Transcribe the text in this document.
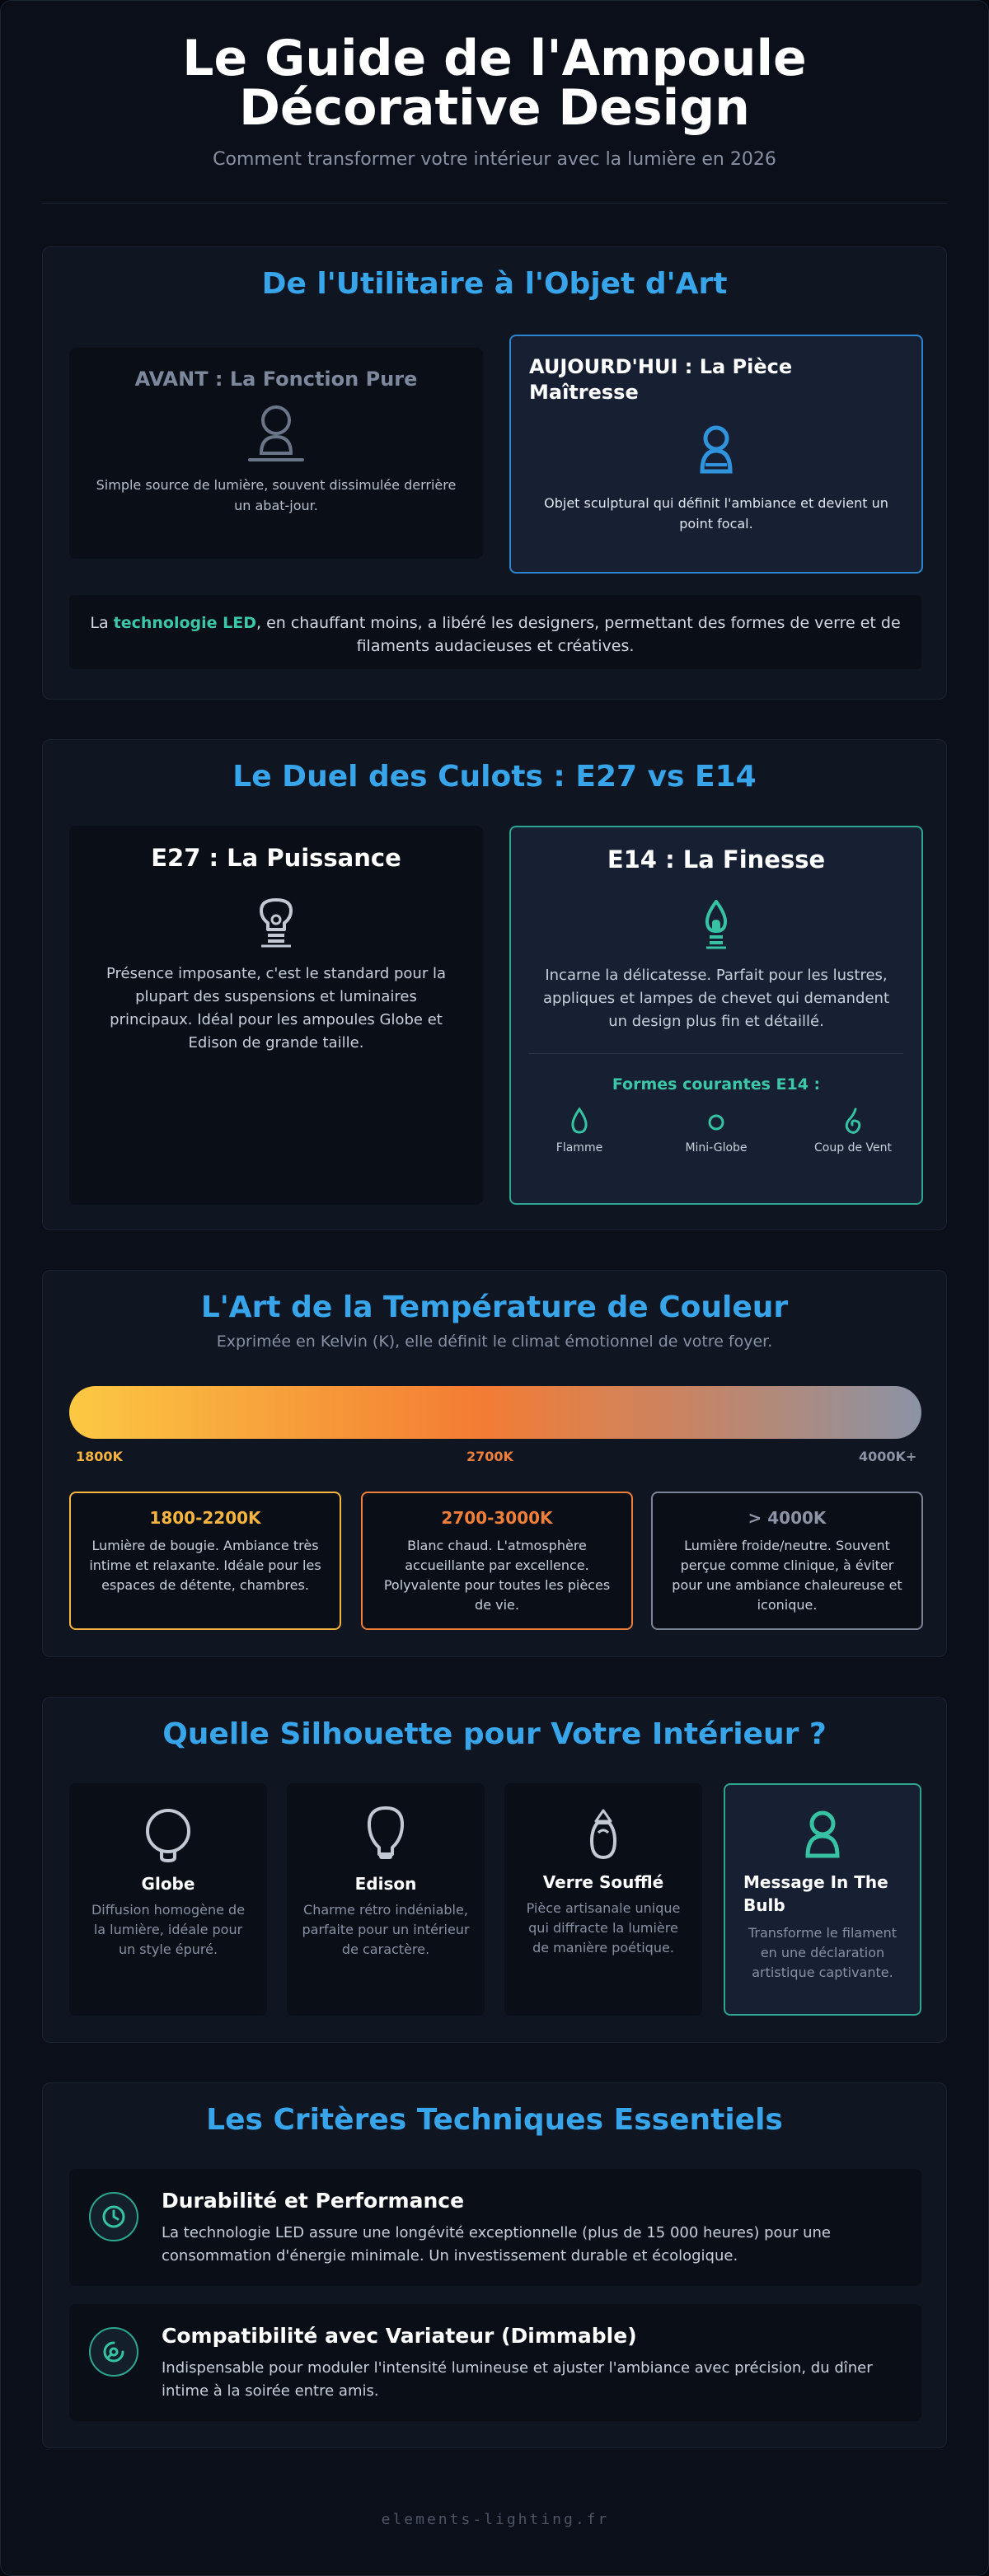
Le Guide de l'Ampoule Décorative Design
Comment transformer votre intérieur avec la lumière en 2026
De l'Utilitaire à l'Objet d'Art
AVANT : La Fonction Pure
Simple source de lumière, souvent dissimulée derrière un abat-jour.
AUJOURD'HUI : La Pièce Maîtresse
Objet sculptural qui définit l'ambiance et devient un point focal.
La technologie LED, en chauffant moins, a libéré les designers, permettant des formes de verre et de filaments audacieuses et créatives.
Le Duel des Culots : E27 vs E14
E27 : La Puissance
Présence imposante, c'est le standard pour la plupart des suspensions et luminaires principaux. Idéal pour les ampoules Globe et Edison de grande taille.
E14 : La Finesse
Incarne la délicatesse. Parfait pour les lustres, appliques et lampes de chevet qui demandent un design plus fin et détaillé.
Formes courantes E14 :
Flamme	Mini-Globe	Coup de Vent
L'Art de la Température de Couleur
Exprimée en Kelvin (K), elle définit le climat émotionnel de votre foyer.
1800K	2700K	4000K+
1800-2200K
Lumière de bougie. Ambiance très intime et relaxante. Idéale pour les espaces de détente, chambres.
2700-3000K
Blanc chaud. L'atmosphère accueillante par excellence. Polyvalente pour toutes les pièces de vie.
> 4000K
Lumière froide/neutre. Souvent perçue comme clinique, à éviter pour une ambiance chaleureuse et iconique.
Quelle Silhouette pour Votre Intérieur ?
Globe
Diffusion homogène de la lumière, idéale pour un style épuré.
Edison
Charme rétro indéniable, parfaite pour un intérieur de caractère.
Verre Soufflé
Pièce artisanale unique qui diffracte la lumière de manière poétique.
Message In The Bulb
Transforme le filament en une déclaration artistique captivante.
Les Critères Techniques Essentiels
Durabilité et Performance
La technologie LED assure une longévité exceptionnelle (plus de 15 000 heures) pour une consommation d'énergie minimale. Un investissement durable et écologique.
Compatibilité avec Variateur (Dimmable)
Indispensable pour moduler l'intensité lumineuse et ajuster l'ambiance avec précision, du dîner intime à la soirée entre amis.
elements-lighting.fr
